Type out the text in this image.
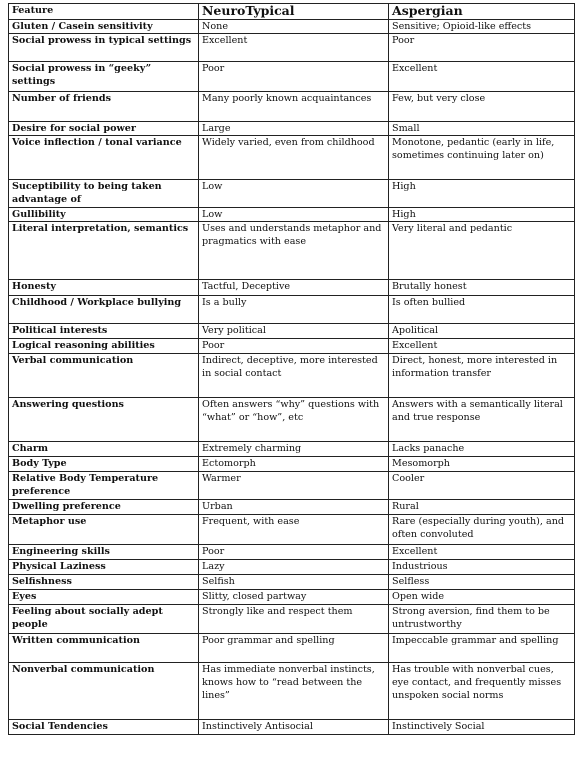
Feature	NeuroTypical	Aspergian
Gluten / Casein sensitivity	None	Sensitive; Opioid-like effects
Social prowess in typical settings	Excellent	Poor
Social prowess in “geeky” settings	Poor	Excellent
Number of friends	Many poorly known acquaintances	Few, but very close
Desire for social power	Large	Small
Voice inflection / tonal variance	Widely varied, even from childhood	Monotone, pedantic (early in life, sometimes continuing later on)
Suceptibility to being taken advantage of	Low	High
Gullibility	Low	High
Literal interpretation, semantics	Uses and understands metaphor and pragmatics with ease	Very literal and pedantic
Honesty	Tactful, Deceptive	Brutally honest
Childhood / Workplace bullying	Is a bully	Is often bullied
Political interests	Very political	Apolitical
Logical reasoning abilities	Poor	Excellent
Verbal communication	Indirect, deceptive, more interested in social contact	Direct, honest, more interested in information transfer
Answering questions	Often answers “why” questions with “what” or “how”, etc	Answers with a semantically literal and true response
Charm	Extremely charming	Lacks panache
Body Type	Ectomorph	Mesomorph
Relative Body Temperature preference	Warmer	Cooler
Dwelling preference	Urban	Rural
Metaphor use	Frequent, with ease	Rare (especially during youth), and often convoluted
Engineering skills	Poor	Excellent
Physical Laziness	Lazy	Industrious
Selfishness	Selfish	Selfless
Eyes	Slitty, closed partway	Open wide
Feeling about socially adept people	Strongly like and respect them	Strong aversion, find them to be untrustworthy
Written communication	Poor grammar and spelling	Impeccable grammar and spelling
Nonverbal communication	Has immediate nonverbal instincts, knows how to “read between the lines”	Has trouble with nonverbal cues, eye contact, and frequently misses unspoken social norms
Social Tendencies	Instinctively Antisocial	Instinctively Social
